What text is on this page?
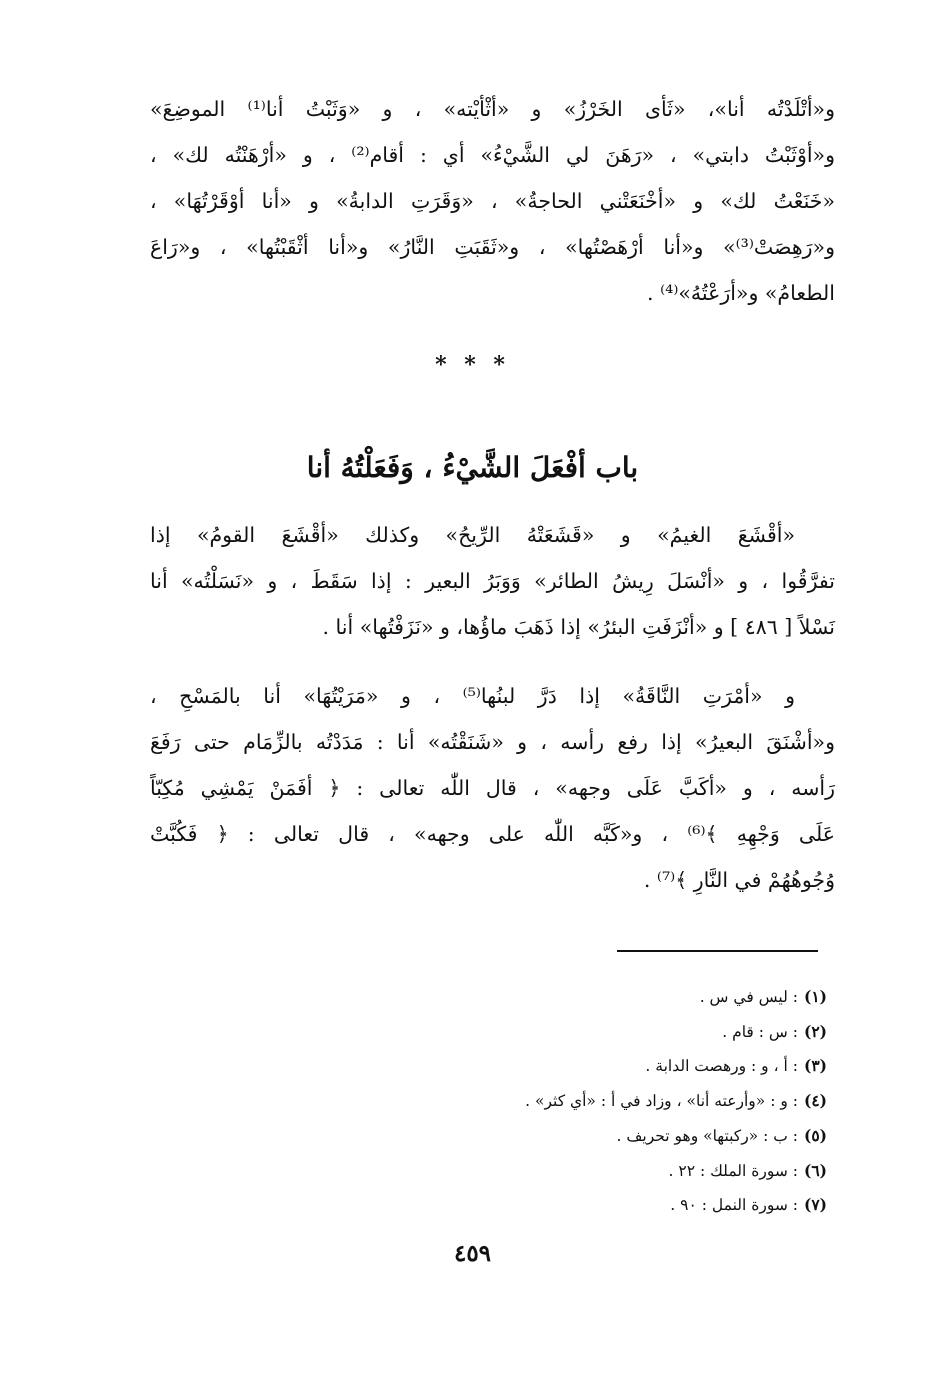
و«أتْلَدْتُه أنا»، «ثَأى الخَرْزُ» و «أثْأيْته» ، و «وَثَبْتُ أنا⁽¹⁾ الموضِعَ»
و«أوْثَبْتُ دابتي» ، «رَهَنَ لي الشَّيْءُ» أي : أقام⁽²⁾ ، و «أرْهَنْتُه لك» ،
«خَنَعْتُ لك» و «أخْنَعَتْني الحاجةُ» ، «وَقَرَتِ الدابةُ» و «أنا أوْقَرْتُهَا» ،
و«رَهِصَتْ⁽³⁾» و«أنا أرْهَصْتُها» ، و«ثَقَبَتِ النَّارُ» و«أنا أثْقَبْتُها» ، و«رَاعَ
الطعامُ» و«أرَعْتُهُ»⁽⁴⁾ .
* * *
باب أفْعَلَ الشَّيْءُ ، وَفَعَلْتُهُ أنا
«أقْشَعَ الغيمُ» و «قَشَعَتْهُ الرِّيحُ» وكذلك «أقْشَعَ القومُ» إذا
تفرَّقُوا ، و «أنْسَلَ رِيشُ الطائر» وَوَبَرُ البعير : إذا سَقَطَ ، و «نَسَلْتُه» أنا
نَسْلاً [ ٤٨٦ ] و «أنْزَفَتِ البئرُ» إذا ذَهَبَ ماؤُها، و «نَزَفْتُها» أنا .
و «أمْرَتِ النَّاقَةُ» إذا دَرَّ لبنُها⁽⁵⁾ ، و «مَرَيْتُهَا» أنا بالمَسْحِ ،
و«أشْنَقَ البعيرُ» إذا رفع رأسه ، و «شَنَقْتُه» أنا : مَدَدْتُه بالزِّمَام حتى رَفَعَ
رَأسه ، و «أكَبَّ عَلَى وجهه» ، قال اللّٰه تعالى : ﴿ أفَمَنْ يَمْشِي مُكِبّاً
عَلَى وَجْهِهِ ﴾⁽⁶⁾ ، و«كَبَّه اللّٰه على وجهه» ، قال تعالى : ﴿ فَكُبَّتْ
وُجُوهُهُمْ في النَّارِ ﴾⁽⁷⁾ .
(١): ليس في س .
(٢): س : قام .
(٣): أ ، و : ورهصت الدابة .
(٤): و : «وأرعته أنا» ، وزاد في أ : «أي كثر» .
(٥): ب : «ركبتها» وهو تحريف .
(٦): سورة الملك : ٢٢ .
(٧): سورة النمل : ٩٠ .
٤٥٩
